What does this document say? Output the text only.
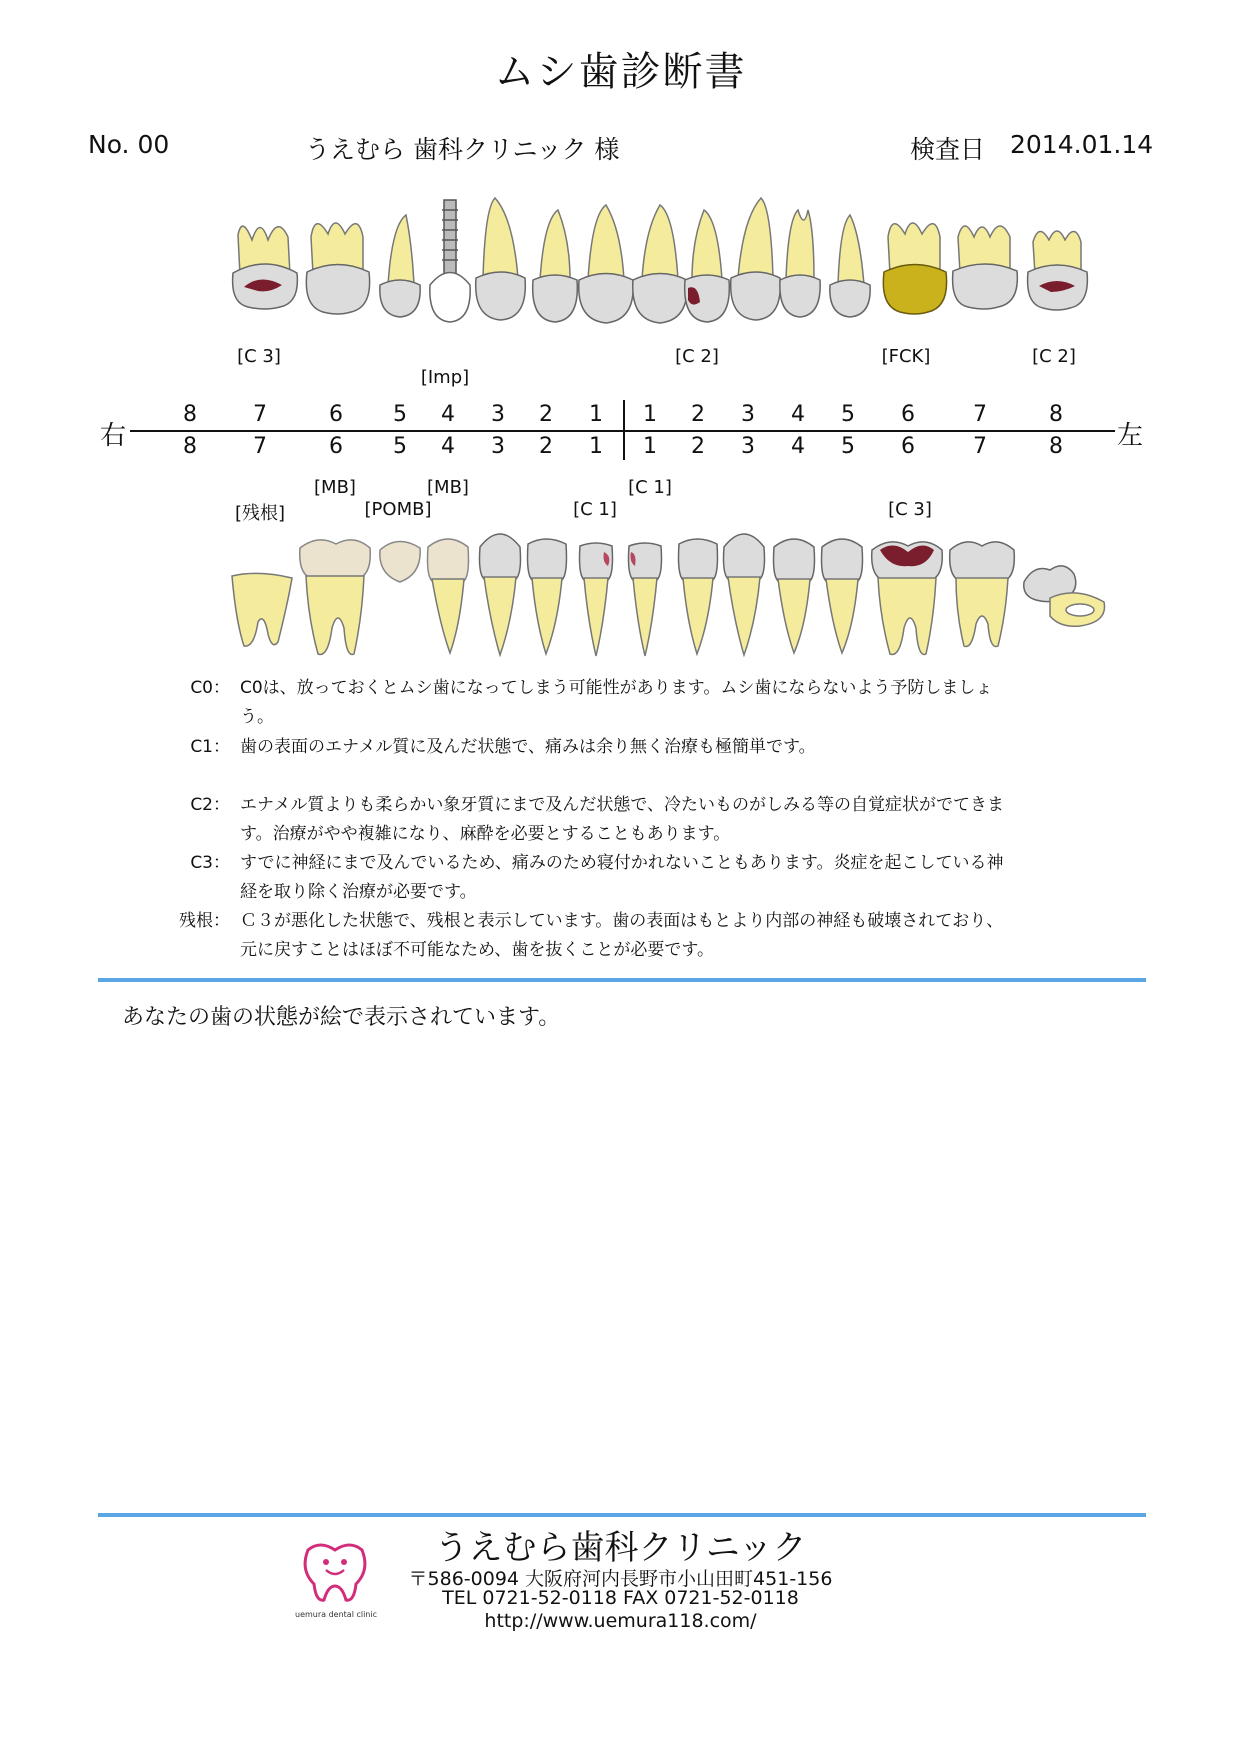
ムシ歯診断書
No. 00	うえむら 歯科クリニック 様	検査日 2014.01.14
[C 3]
[Imp]
[C 2]	[FCK]	[C 2]
右	左
8	7	6 5 4 3 2 1 1 2 3 4 5 6	7	8
8	7	6 5 4 3 2 1 1 2 3 4 5 6	7	8
[MB]	[MB]	[C 1]
[残根]	[POMB]	[C 1]	[C 3]
C0： C0は、放っておくとムシ歯になってしまう可能性があります。ムシ歯にならないよう予防しましょう。
C1： 歯の表面のエナメル質に及んだ状態で、痛みは余り無く治療も極簡単です。
C2： エナメル質よりも柔らかい象牙質にまで及んだ状態で、冷たいものがしみる等の自覚症状がでてきます。治療がやや複雑になり、麻酔を必要とすることもあります。
C3： すでに神経にまで及んでいるため、痛みのため寝付かれないこともあります。炎症を起こしている神経を取り除く治療が必要です。
残根： Ｃ３が悪化した状態で、残根と表示しています。歯の表面はもとより内部の神経も破壊されており、元に戻すことはほぼ不可能なため、歯を抜くことが必要です。
あなたの歯の状態が絵で表示されています。
uemura dental clinic
うえむら歯科クリニック
〒586-0094 大阪府河内長野市小山田町451-156
TEL 0721-52-0118 FAX 0721-52-0118
http://www.uemura118.com/
